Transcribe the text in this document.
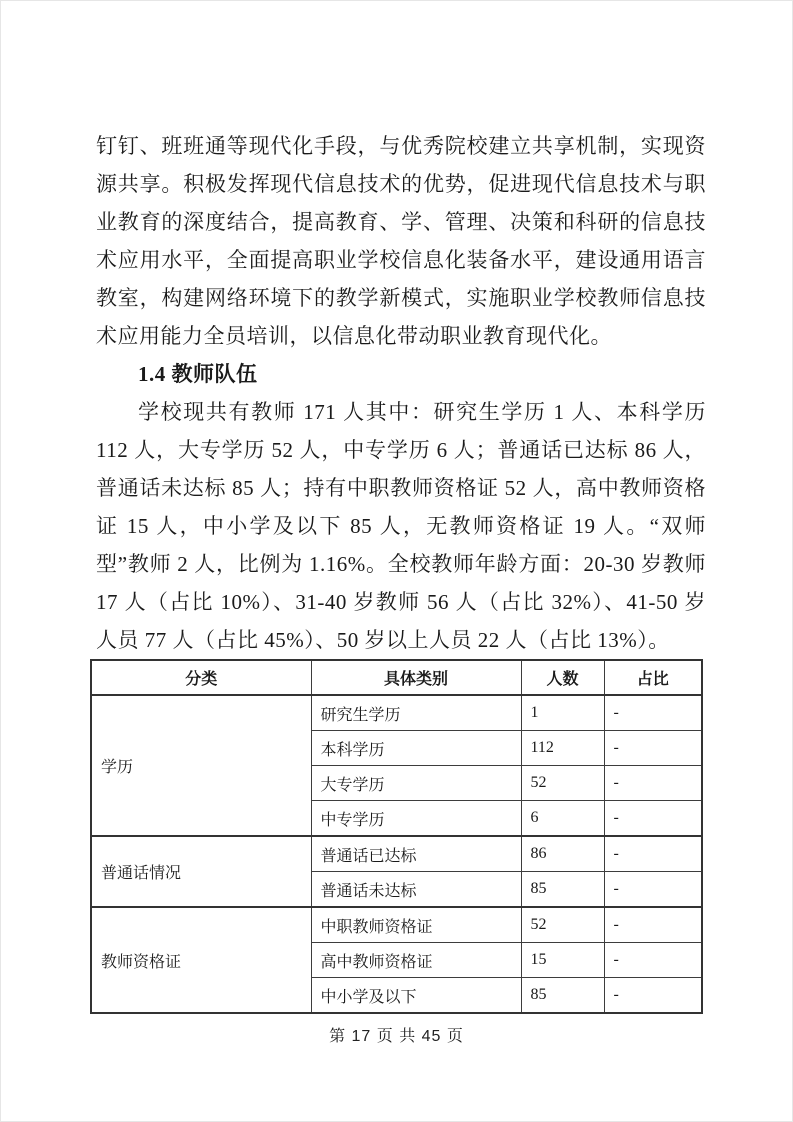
钉钉、班班通等现代化手段，与优秀院校建立共享机制，实现资源共享。积极发挥现代信息技术的优势，促进现代信息技术与职业教育的深度结合，提高教育、学、管理、决策和科研的信息技术应用水平，全面提高职业学校信息化装备水平，建设通用语言教室，构建网络环境下的教学新模式，实施职业学校教师信息技术应用能力全员培训，以信息化带动职业教育现代化。

1.4 教师队伍

学校现共有教师 171 人其中：研究生学历 1 人、本科学历 112 人，大专学历 52 人，中专学历 6 人；普通话已达标 86 人，普通话未达标 85 人；持有中职教师资格证 52 人，高中教师资格证 15 人，中小学及以下 85 人，无教师资格证 19 人。“双师型”教师 2 人，比例为 1.16%。全校教师年龄方面：20-30 岁教师 17 人（占比 10%）、31-40 岁教师 56 人（占比 32%）、41-50 岁人员 77 人（占比 45%）、50 岁以上人员 22 人（占比 13%）。

分类	具体类别	人数	占比
学历	研究生学历	1	-
	本科学历	112	-
	大专学历	52	-
	中专学历	6	-
普通话情况	普通话已达标	86	-
	普通话未达标	85	-
教师资格证	中职教师资格证	52	-
	高中教师资格证	15	-
	中小学及以下	85	-
第 17 页 共 45 页
